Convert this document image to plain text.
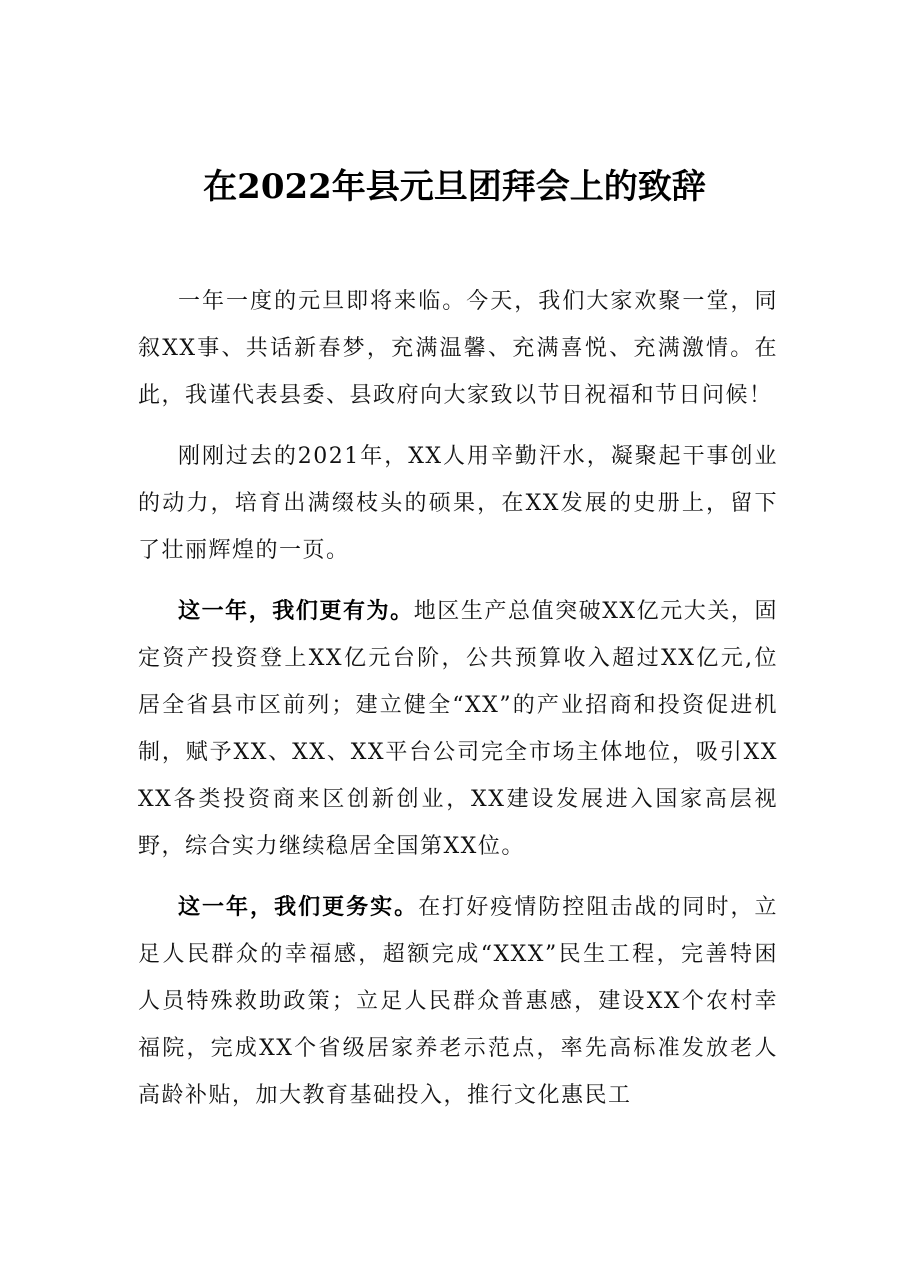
在2022年县元旦团拜会上的致辞

一年一度的元旦即将来临。今天，我们大家欢聚一堂，同叙XX事、共话新春梦，充满温馨、充满喜悦、充满激情。在此，我谨代表县委、县政府向大家致以节日祝福和节日问候！

刚刚过去的2021年，XX人用辛勤汗水，凝聚起干事创业的动力，培育出满缀枝头的硕果，在XX发展的史册上，留下了壮丽辉煌的一页。

这一年，我们更有为。地区生产总值突破XX亿元大关，固定资产投资登上XX亿元台阶，公共预算收入超过XX亿元,位居全省县市区前列；建立健全“XX”的产业招商和投资促进机制，赋予XX、XX、XX平台公司完全市场主体地位，吸引XXXX各类投资商来区创新创业，XX建设发展进入国家高层视野，综合实力继续稳居全国第XX位。

这一年，我们更务实。在打好疫情防控阻击战的同时，立足人民群众的幸福感，超额完成“XXX”民生工程，完善特困人员特殊救助政策；立足人民群众普惠感，建设XX个农村幸福院，完成XX个省级居家养老示范点，率先高标准发放老人高龄补贴，加大教育基础投入，推行文化惠民工
